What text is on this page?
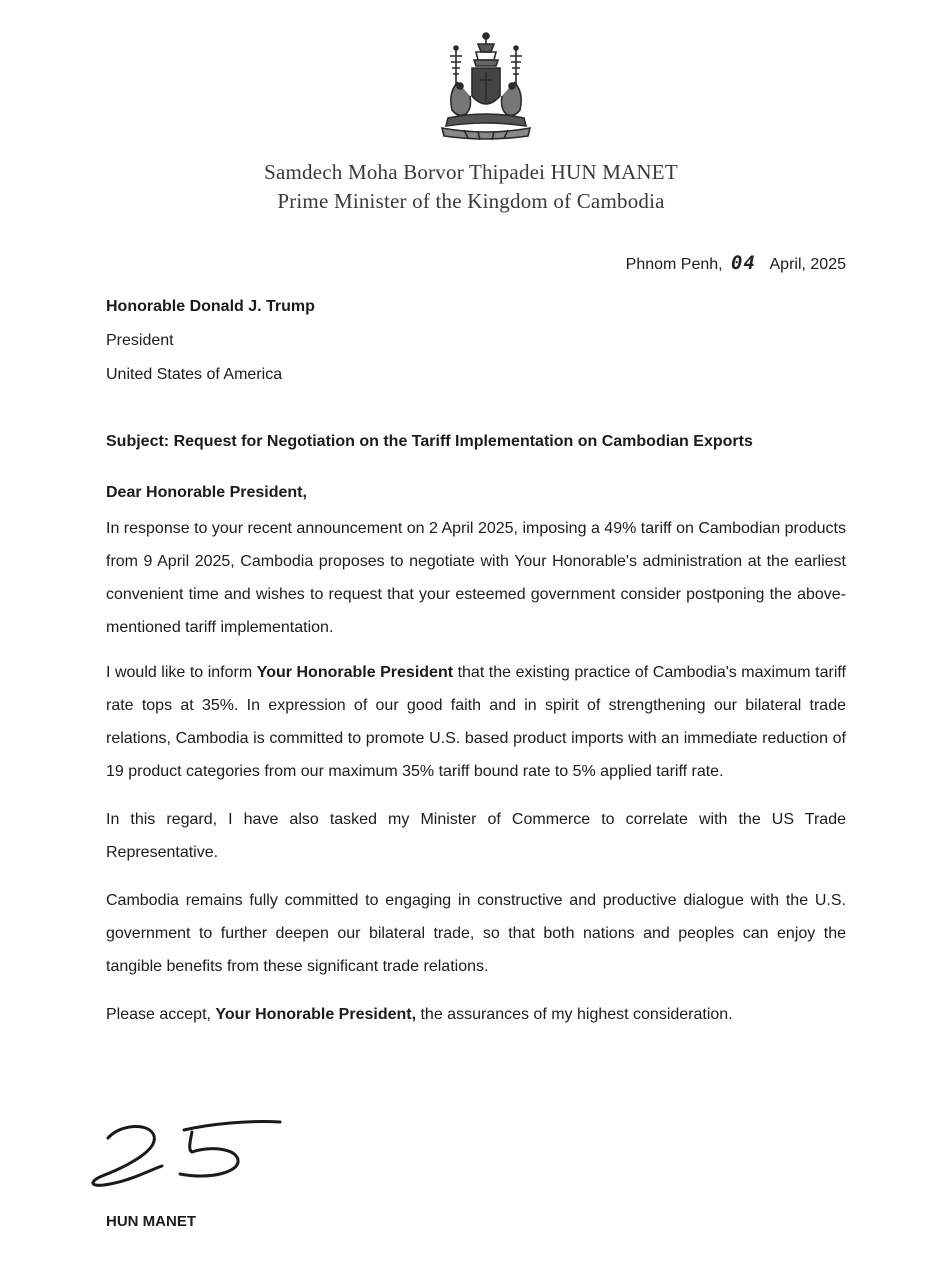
Samdech Moha Borvor Thipadei HUN MANET
Prime Minister of the Kingdom of Cambodia
Phnom Penh, 04 April, 2025
Honorable Donald J. Trump
President
United States of America
Subject: Request for Negotiation on the Tariff Implementation on Cambodian Exports
Dear Honorable President,

In response to your recent announcement on 2 April 2025, imposing a 49% tariff on Cambodian products from 9 April 2025, Cambodia proposes to negotiate with Your Honorable's administration at the earliest convenient time and wishes to request that your esteemed government consider postponing the above-mentioned tariff implementation.

I would like to inform Your Honorable President that the existing practice of Cambodia's maximum tariff rate tops at 35%. In expression of our good faith and in spirit of strengthening our bilateral trade relations, Cambodia is committed to promote U.S. based product imports with an immediate reduction of 19 product categories from our maximum 35% tariff bound rate to 5% applied tariff rate.

In this regard, I have also tasked my Minister of Commerce to correlate with the US Trade Representative.

Cambodia remains fully committed to engaging in constructive and productive dialogue with the U.S. government to further deepen our bilateral trade, so that both nations and peoples can enjoy the tangible benefits from these significant trade relations.

Please accept, Your Honorable President, the assurances of my highest consideration.

HUN MANET
